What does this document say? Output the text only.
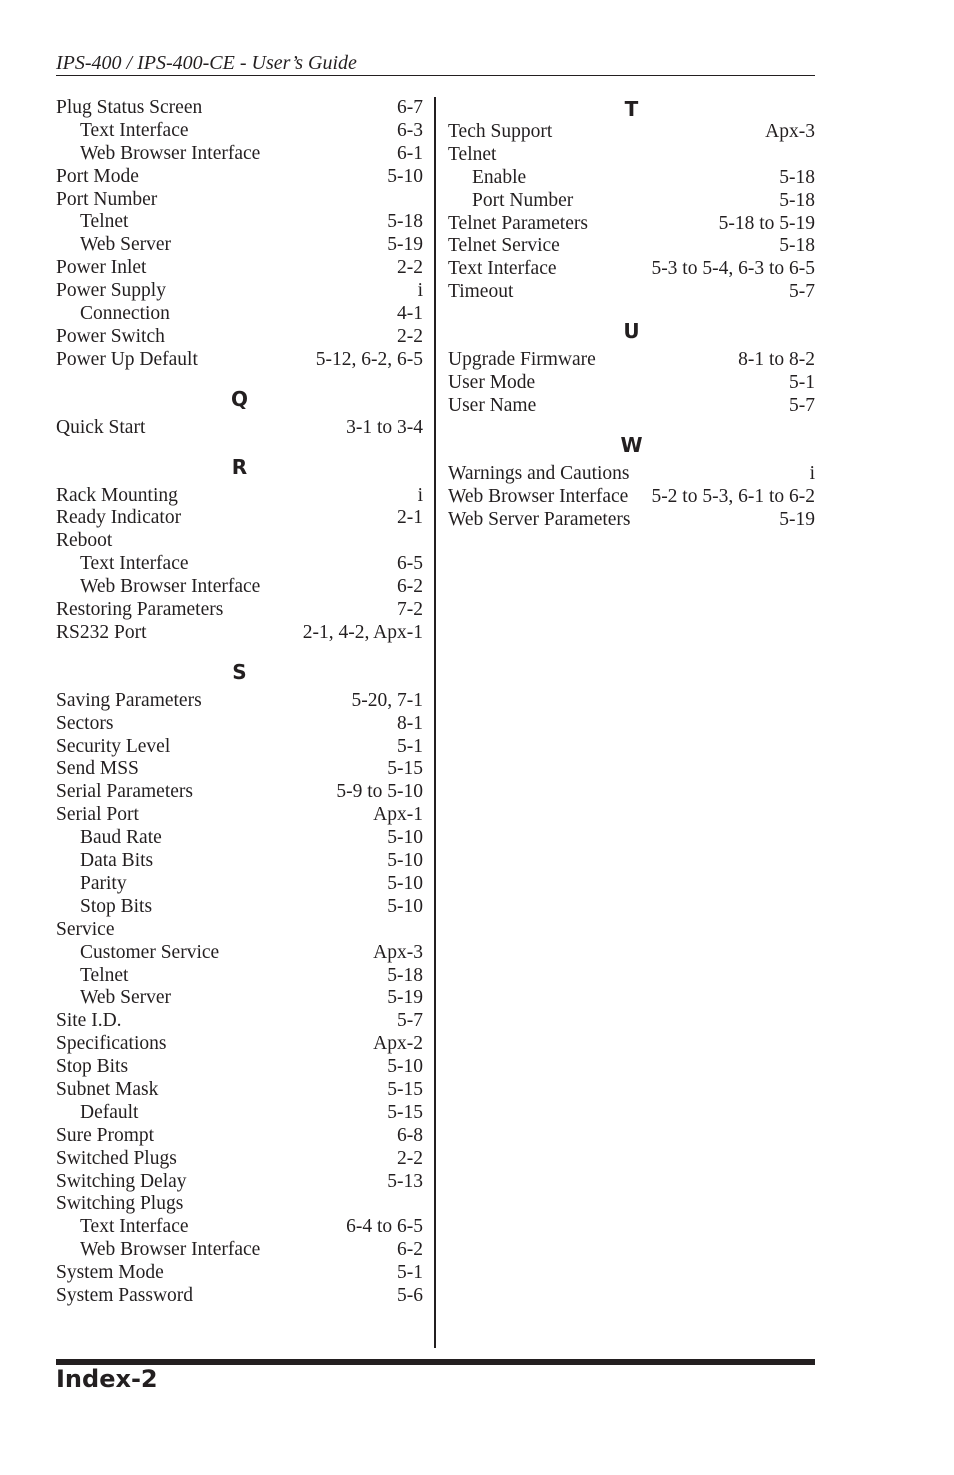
IPS-400 / IPS-400-CE - User’s Guide
Plug Status Screen	6-7
Text Interface	6-3
Web Browser Interface	6-1
Port Mode	5-10
Port Number
Telnet	5-18
Web Server	5-19
Power Inlet	2-2
Power Supply	i
Connection	4-1
Power Switch	2-2
Power Up Default	5-12, 6-2, 6-5
Q
Quick Start	3-1 to 3-4
R
Rack Mounting	i
Ready Indicator	2-1
Reboot
Text Interface	6-5
Web Browser Interface	6-2
Restoring Parameters	7-2
RS232 Port	2-1, 4-2, Apx-1
S
Saving Parameters	5-20, 7-1
Sectors	8-1
Security Level	5-1
Send MSS	5-15
Serial Parameters	5-9 to 5-10
Serial Port	Apx-1
Baud Rate	5-10
Data Bits	5-10
Parity	5-10
Stop Bits	5-10
Service
Customer Service	Apx-3
Telnet	5-18
Web Server	5-19
Site I.D.	5-7
Specifications	Apx-2
Stop Bits	5-10
Subnet Mask	5-15
Default	5-15
Sure Prompt	6-8
Switched Plugs	2-2
Switching Delay	5-13
Switching Plugs
Text Interface	6-4 to 6-5
Web Browser Interface	6-2
System Mode	5-1
System Password	5-6
T
Tech Support	Apx-3
Telnet
Enable	5-18
Port Number	5-18
Telnet Parameters	5-18 to 5-19
Telnet Service	5-18
Text Interface	5-3 to 5-4, 6-3 to 6-5
Timeout	5-7
U
Upgrade Firmware	8-1 to 8-2
User Mode	5-1
User Name	5-7
W
Warnings and Cautions	i
Web Browser Interface 5-2 to 5-3, 6-1 to 6-2
Web Server Parameters	5-19
Index-2
